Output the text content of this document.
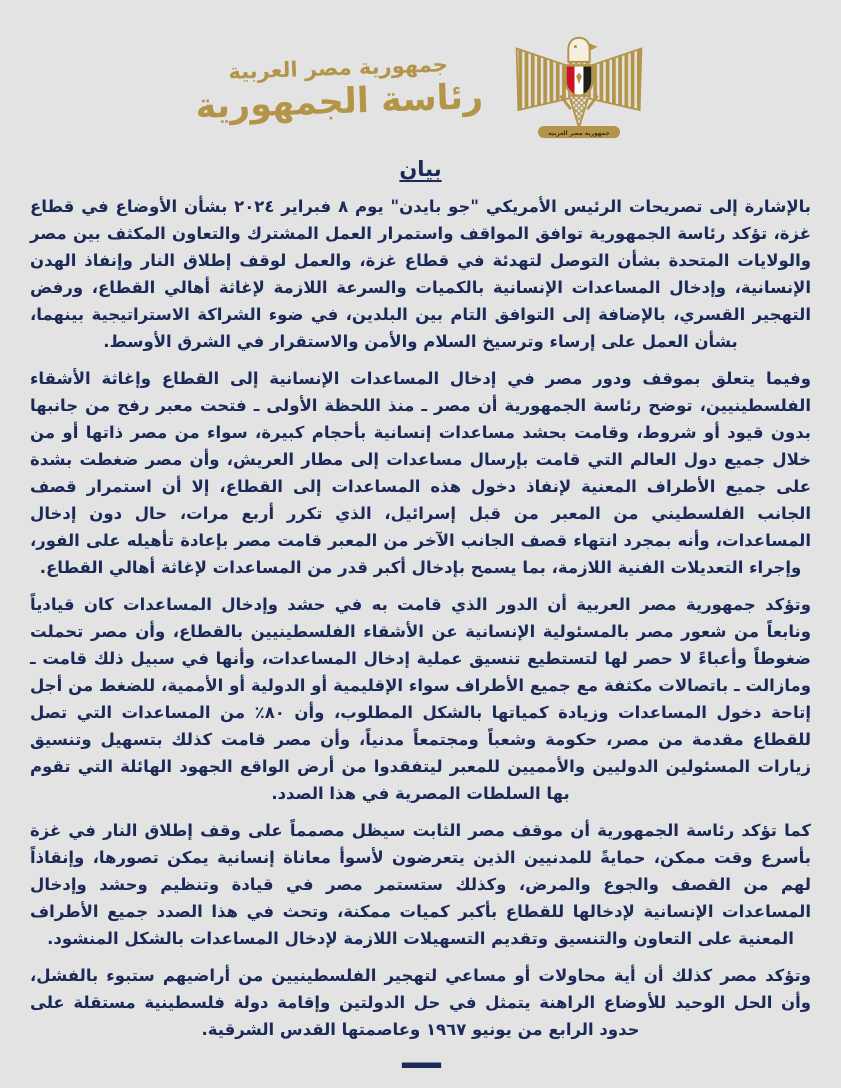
جمهورية مصر العربية
رئاسة الجمهورية
جمهورية مصر العربية
بيان

بالإشارة إلى تصريحات الرئيس الأمريكي "جو بايدن" يوم ٨ فبراير ٢٠٢٤ بشأن الأوضاع في قطاع غزة، تؤكد رئاسة الجمهورية توافق المواقف واستمرار العمل المشترك والتعاون المكثف بين مصر والولايات المتحدة بشأن التوصل لتهدئة في قطاع غزة، والعمل لوقف إطلاق النار وإنفاذ الهدن الإنسانية، وإدخال المساعدات الإنسانية بالكميات والسرعة اللازمة لإغاثة أهالي القطاع، ورفض التهجير القسري، بالإضافة إلى التوافق التام بين البلدين، في ضوء الشراكة الاستراتيجية بينهما، بشأن العمل على إرساء وترسيخ السلام والأمن والاستقرار في الشرق الأوسط.

وفيما يتعلق بموقف ودور مصر في إدخال المساعدات الإنسانية إلى القطاع وإغاثة الأشقاء الفلسطينيين، توضح رئاسة الجمهورية أن مصر ـ منذ اللحظة الأولى ـ فتحت معبر رفح من جانبها بدون قيود أو شروط، وقامت بحشد مساعدات إنسانية بأحجام كبيرة، سواء من مصر ذاتها أو من خلال جميع دول العالم التي قامت بإرسال مساعدات إلى مطار العريش، وأن مصر ضغطت بشدة على جميع الأطراف المعنية لإنفاذ دخول هذه المساعدات إلى القطاع، إلا أن استمرار قصف الجانب الفلسطيني من المعبر من قبل إسرائيل، الذي تكرر أربع مرات، حال دون إدخال المساعدات، وأنه بمجرد انتهاء قصف الجانب الآخر من المعبر قامت مصر بإعادة تأهيله على الفور، وإجراء التعديلات الفنية اللازمة، بما يسمح بإدخال أكبر قدر من المساعدات لإغاثة أهالي القطاع.

وتؤكد جمهورية مصر العربية أن الدور الذي قامت به في حشد وإدخال المساعدات كان قيادياً ونابعاً من شعور مصر بالمسئولية الإنسانية عن الأشقاء الفلسطينيين بالقطاع، وأن مصر تحملت ضغوطاً وأعباءً لا حصر لها لتستطيع تنسيق عملية إدخال المساعدات، وأنها في سبيل ذلك قامت ـ ومازالت ـ باتصالات مكثفة مع جميع الأطراف سواء الإقليمية أو الدولية أو الأممية، للضغط من أجل إتاحة دخول المساعدات وزيادة كمياتها بالشكل المطلوب، وأن ٨٠٪ من المساعدات التي تصل للقطاع مقدمة من مصر، حكومة وشعباً ومجتمعاً مدنياً، وأن مصر قامت كذلك بتسهيل وتنسيق زيارات المسئولين الدوليين والأمميين للمعبر ليتفقدوا من أرض الواقع الجهود الهائلة التي تقوم بها السلطات المصرية في هذا الصدد.

كما تؤكد رئاسة الجمهورية أن موقف مصر الثابت سيظل مصمماً على وقف إطلاق النار في غزة بأسرع وقت ممكن، حمايةً للمدنيين الذين يتعرضون لأسوأ معاناة إنسانية يمكن تصورها، وإنقاذاً لهم من القصف والجوع والمرض، وكذلك ستستمر مصر في قيادة وتنظيم وحشد وإدخال المساعدات الإنسانية لإدخالها للقطاع بأكبر كميات ممكنة، وتحث في هذا الصدد جميع الأطراف المعنية على التعاون والتنسيق وتقديم التسهيلات اللازمة لإدخال المساعدات بالشكل المنشود.

وتؤكد مصر كذلك أن أية محاولات أو مساعي لتهجير الفلسطينيين من أراضيهم ستبوء بالفشل، وأن الحل الوحيد للأوضاع الراهنة يتمثل في حل الدولتين وإقامة دولة فلسطينية مستقلة على حدود الرابع من يونيو ١٩٦٧ وعاصمتها القدس الشرقية.

—
